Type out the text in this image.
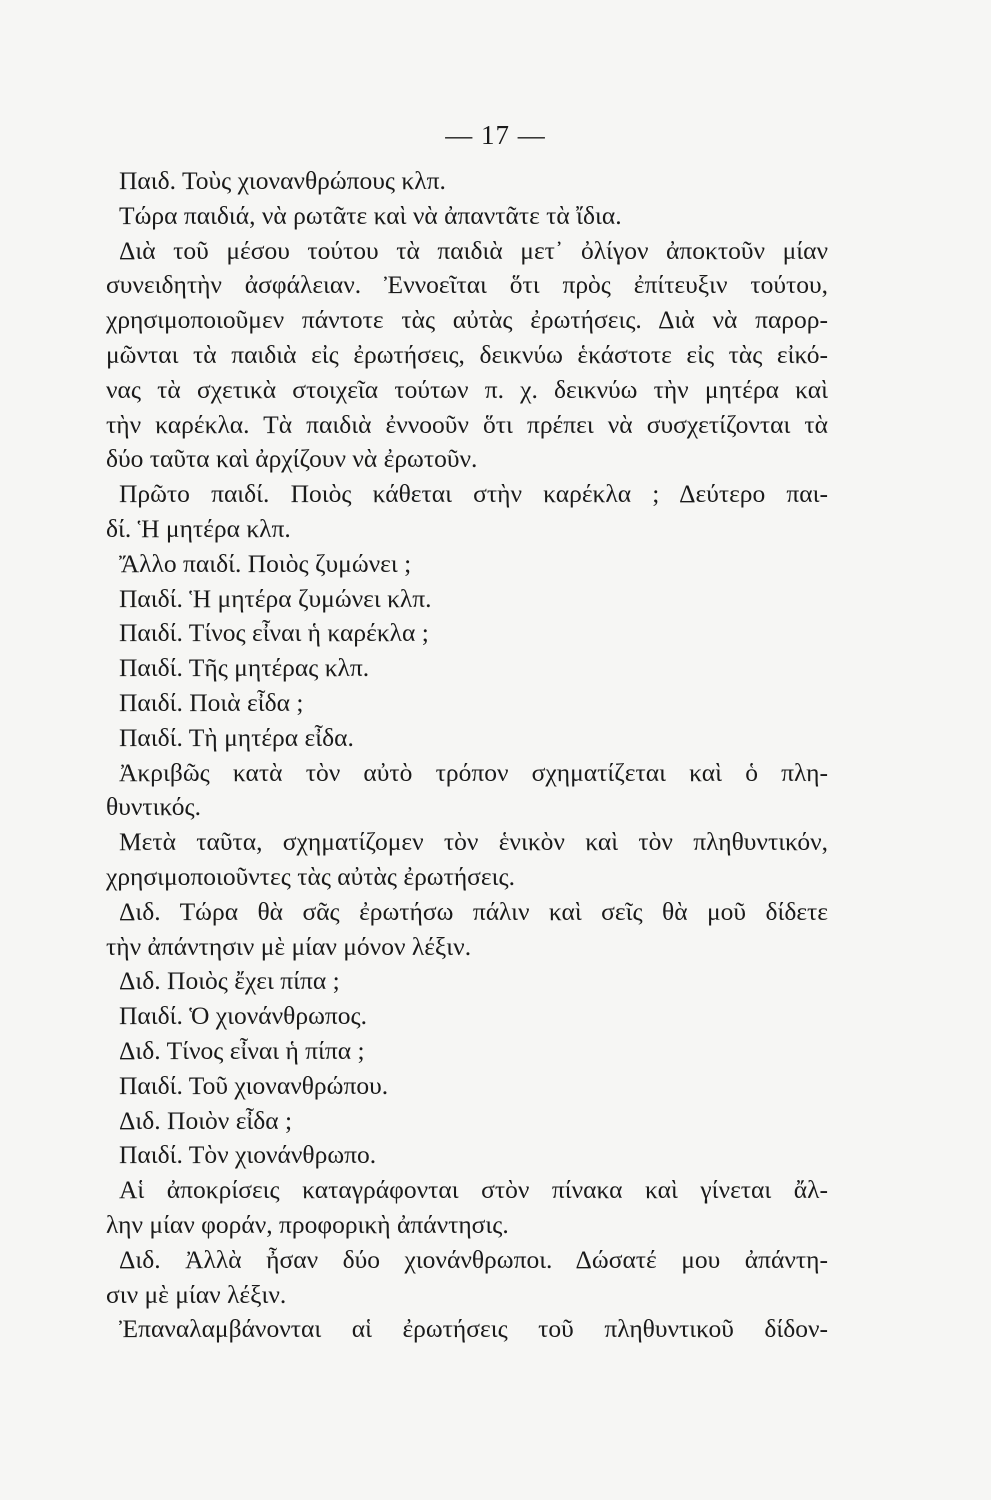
— 17 —
Παιδ. Τοὺς χιονανθρώπους κλπ.
Τώρα παιδιά, νὰ ρωτᾶτε καὶ νὰ ἀπαντᾶτε τὰ ἴδια.
Διὰ τοῦ μέσου τούτου τὰ παιδιὰ μετ᾽ ὀλίγον ἀποκτοῦν μίαν
συνειδητὴν ἀσφάλειαν. Ἐννοεῖται ὅτι πρὸς ἐπίτευξιν τούτου,
χρησιμοποιοῦμεν πάντοτε τὰς αὐτὰς ἐρωτήσεις. Διὰ νὰ παρορ-
μῶνται τὰ παιδιὰ εἰς ἐρωτήσεις, δεικνύω ἑκάστοτε εἰς τὰς εἰκό-
νας τὰ σχετικὰ στοιχεῖα τούτων π. χ. δεικνύω τὴν μητέρα καὶ
τὴν καρέκλα. Τὰ παιδιὰ ἐννοοῦν ὅτι πρέπει νὰ συσχετίζονται τὰ
δύο ταῦτα καὶ ἀρχίζουν νὰ ἐρωτοῦν.
Πρῶτο παιδί. Ποιὸς κάθεται στὴν καρέκλα ; Δεύτερο παι-
δί. Ἡ μητέρα κλπ.
Ἄλλο παιδί. Ποιὸς ζυμώνει ;
Παιδί. Ἡ μητέρα ζυμώνει κλπ.
Παιδί. Τίνος εἶναι ἡ καρέκλα ;
Παιδί. Τῆς μητέρας κλπ.
Παιδί. Ποιὰ εἶδα ;
Παιδί. Τὴ μητέρα εἶδα.
Ἀκριβῶς κατὰ τὸν αὐτὸ τρόπον σχηματίζεται καὶ ὁ πλη-
θυντικός.
Μετὰ ταῦτα, σχηματίζομεν τὸν ἑνικὸν καὶ τὸν πληθυντικόν,
χρησιμοποιοῦντες τὰς αὐτὰς ἐρωτήσεις.
Διδ. Τώρα θὰ σᾶς ἐρωτήσω πάλιν καὶ σεῖς θὰ μοῦ δίδετε
τὴν ἀπάντησιν μὲ μίαν μόνον λέξιν.
Διδ. Ποιὸς ἔχει πίπα ;
Παιδί. Ὁ χιονάνθρωπος.
Διδ. Τίνος εἶναι ἡ πίπα ;
Παιδί. Τοῦ χιονανθρώπου.
Διδ. Ποιὸν εἶδα ;
Παιδί. Τὸν χιονάνθρωπο.
Αἱ ἀποκρίσεις καταγράφονται στὸν πίνακα καὶ γίνεται ἄλ-
λην μίαν φοράν, προφορικὴ ἀπάντησις.
Διδ. Ἀλλὰ ἦσαν δύο χιονάνθρωποι. Δώσατέ μου ἀπάντη-
σιν μὲ μίαν λέξιν.
Ἐπαναλαμβάνονται αἱ ἐρωτήσεις τοῦ πληθυντικοῦ δίδον-
